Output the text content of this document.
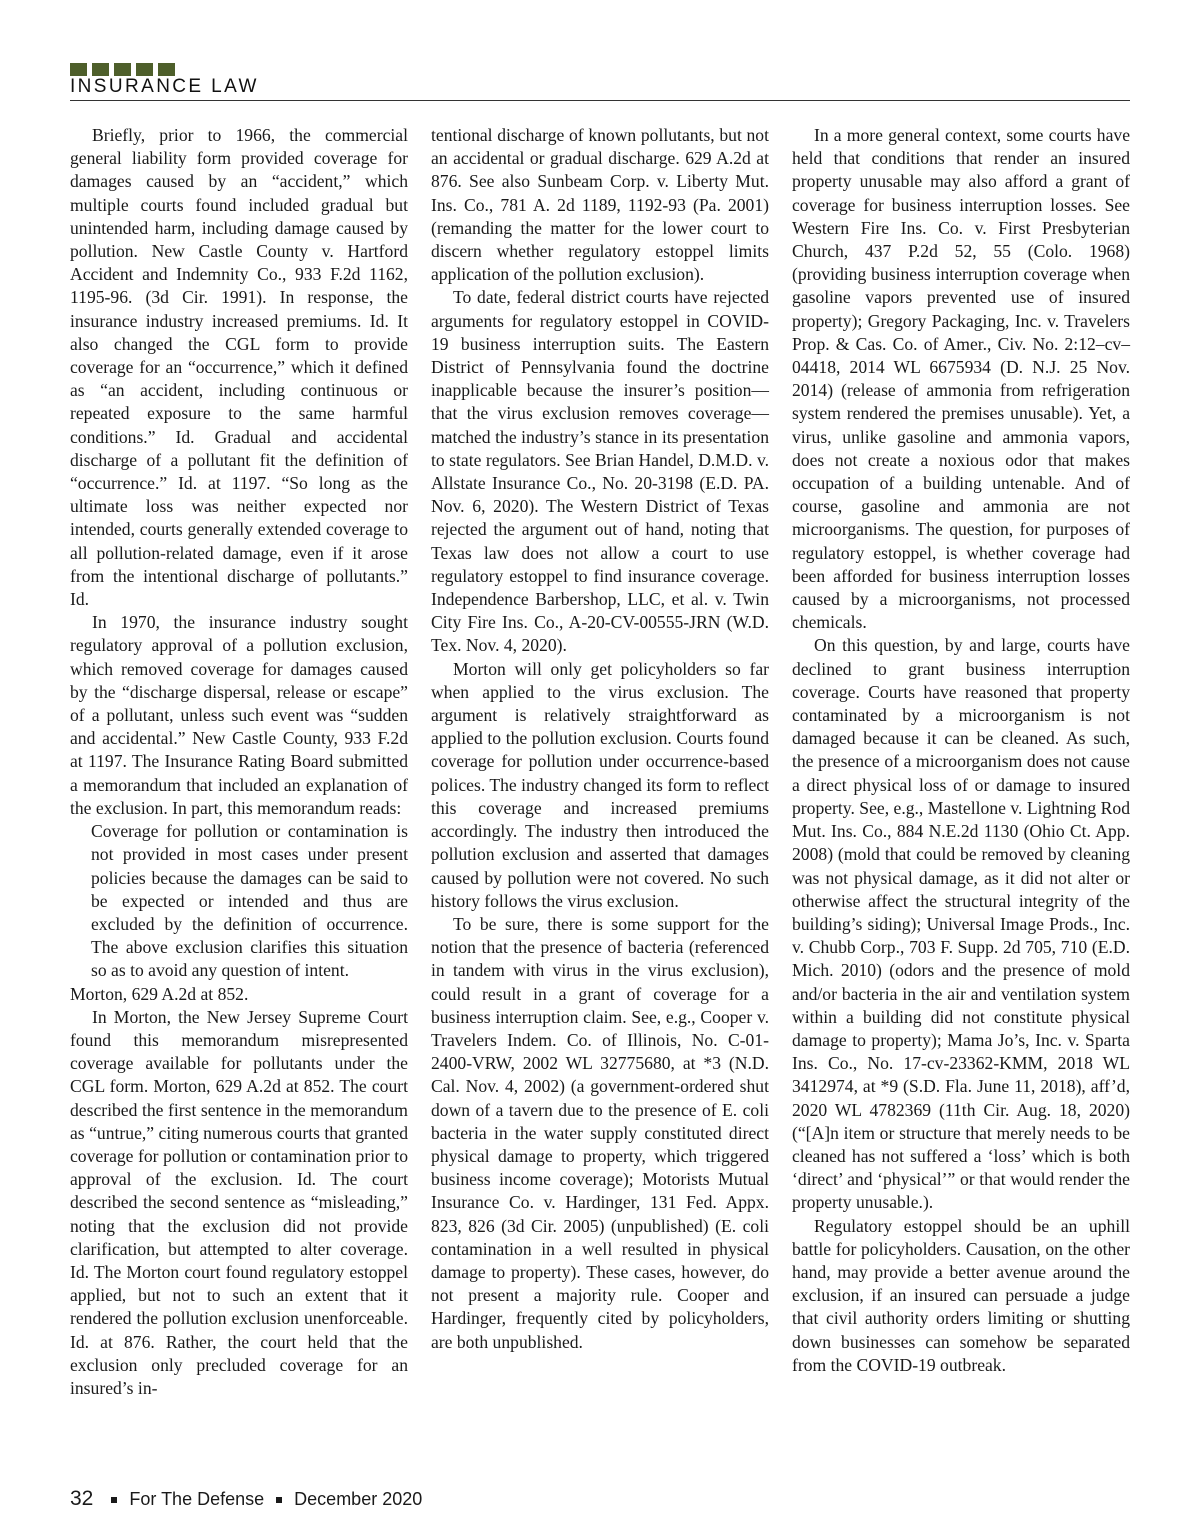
INSURANCE LAW

Briefly, prior to 1966, the commercial general liability form provided coverage for damages caused by an “accident,” which multiple courts found included gradual but unintended harm, including damage caused by pollution. New Castle County v. Hartford Accident and Indemnity Co., 933 F.2d 1162, 1195-96. (3d Cir. 1991). In response, the insurance industry increased premiums. Id. It also changed the CGL form to provide coverage for an “occurrence,” which it defined as “an accident, including continuous or repeated exposure to the same harmful conditions.” Id. Gradual and accidental discharge of a pollutant fit the definition of “occurrence.” Id. at 1197. “So long as the ultimate loss was neither expected nor intended, courts generally extended coverage to all pollution-related damage, even if it arose from the intentional discharge of pollutants.” Id.

In 1970, the insurance industry sought regulatory approval of a pollution exclusion, which removed coverage for damages caused by the “discharge dispersal, release or escape” of a pollutant, unless such event was “sudden and accidental.” New Castle County, 933 F.2d at 1197. The Insurance Rating Board submitted a memorandum that included an explanation of the exclusion. In part, this memorandum reads:

Coverage for pollution or contamination is not provided in most cases under present policies because the damages can be said to be expected or intended and thus are excluded by the definition of occurrence. The above exclusion clarifies this situation so as to avoid any question of intent.

Morton, 629 A.2d at 852.

In Morton, the New Jersey Supreme Court found this memorandum misrepresented coverage available for pollutants under the CGL form. Morton, 629 A.2d at 852. The court described the first sentence in the memorandum as “untrue,” citing numerous courts that granted coverage for pollution or contamination prior to approval of the exclusion. Id. The court described the second sentence as “misleading,” noting that the exclusion did not provide clarification, but attempted to alter coverage. Id. The Morton court found regulatory estoppel applied, but not to such an extent that it rendered the pollution exclusion unenforceable. Id. at 876. Rather, the court held that the exclusion only precluded coverage for an insured’s in-

tentional discharge of known pollutants, but not an accidental or gradual discharge. 629 A.2d at 876. See also Sunbeam Corp. v. Liberty Mut. Ins. Co., 781 A. 2d 1189, 1192-93 (Pa. 2001) (remanding the matter for the lower court to discern whether regulatory estoppel limits application of the pollution exclusion).

To date, federal district courts have rejected arguments for regulatory estoppel in COVID-19 business interruption suits. The Eastern District of Pennsylvania found the doctrine inapplicable because the insurer’s position—that the virus exclusion removes coverage—matched the industry’s stance in its presentation to state regulators. See Brian Handel, D.M.D. v. Allstate Insurance Co., No. 20-3198 (E.D. PA. Nov. 6, 2020). The Western District of Texas rejected the argument out of hand, noting that Texas law does not allow a court to use regulatory estoppel to find insurance coverage. Independence Barbershop, LLC, et al. v. Twin City Fire Ins. Co., A-20-CV-00555-JRN (W.D. Tex. Nov. 4, 2020).

Morton will only get policyholders so far when applied to the virus exclusion. The argument is relatively straightforward as applied to the pollution exclusion. Courts found coverage for pollution under occurrence-based polices. The industry changed its form to reflect this coverage and increased premiums accordingly. The industry then introduced the pollution exclusion and asserted that damages caused by pollution were not covered. No such history follows the virus exclusion.

To be sure, there is some support for the notion that the presence of bacteria (referenced in tandem with virus in the virus exclusion), could result in a grant of coverage for a business interruption claim. See, e.g., Cooper v. Travelers Indem. Co. of Illinois, No. C-01-2400-VRW, 2002 WL 32775680, at *3 (N.D. Cal. Nov. 4, 2002) (a government-ordered shut down of a tavern due to the presence of E. coli bacteria in the water supply constituted direct physical damage to property, which triggered business income coverage); Motorists Mutual Insurance Co. v. Hardinger, 131 Fed. Appx. 823, 826 (3d Cir. 2005) (unpublished) (E. coli contamination in a well resulted in physical damage to property). These cases, however, do not present a majority rule. Cooper and Hardinger, frequently cited by policyholders, are both unpublished.

In a more general context, some courts have held that conditions that render an insured property unusable may also afford a grant of coverage for business interruption losses. See Western Fire Ins. Co. v. First Presbyterian Church, 437 P.2d 52, 55 (Colo. 1968) (providing business interruption coverage when gasoline vapors prevented use of insured property); Gregory Packaging, Inc. v. Travelers Prop. & Cas. Co. of Amer., Civ. No. 2:12–cv–04418, 2014 WL 6675934 (D. N.J. 25 Nov. 2014) (release of ammonia from refrigeration system rendered the premises unusable). Yet, a virus, unlike gasoline and ammonia vapors, does not create a noxious odor that makes occupation of a building untenable. And of course, gasoline and ammonia are not microorganisms. The question, for purposes of regulatory estoppel, is whether coverage had been afforded for business interruption losses caused by a microorganisms, not processed chemicals.

On this question, by and large, courts have declined to grant business interruption coverage. Courts have reasoned that property contaminated by a microorganism is not damaged because it can be cleaned. As such, the presence of a microorganism does not cause a direct physical loss of or damage to insured property. See, e.g., Mastellone v. Lightning Rod Mut. Ins. Co., 884 N.E.2d 1130 (Ohio Ct. App. 2008) (mold that could be removed by cleaning was not physical damage, as it did not alter or otherwise affect the structural integrity of the building’s siding); Universal Image Prods., Inc. v. Chubb Corp., 703 F. Supp. 2d 705, 710 (E.D. Mich. 2010) (odors and the presence of mold and/or bacteria in the air and ventilation system within a building did not constitute physical damage to property); Mama Jo’s, Inc. v. Sparta Ins. Co., No. 17-cv-23362-KMM, 2018 WL 3412974, at *9 (S.D. Fla. June 11, 2018), aff’d, 2020 WL 4782369 (11th Cir. Aug. 18, 2020) (“[A]n item or structure that merely needs to be cleaned has not suffered a ‘loss’ which is both ‘direct’ and ‘physical’” or that would render the property unusable.).

Regulatory estoppel should be an uphill battle for policyholders. Causation, on the other hand, may provide a better avenue around the exclusion, if an insured can persuade a judge that civil authority orders limiting or shutting down businesses can somehow be separated from the COVID-19 outbreak.

32 For The Defense December 2020
